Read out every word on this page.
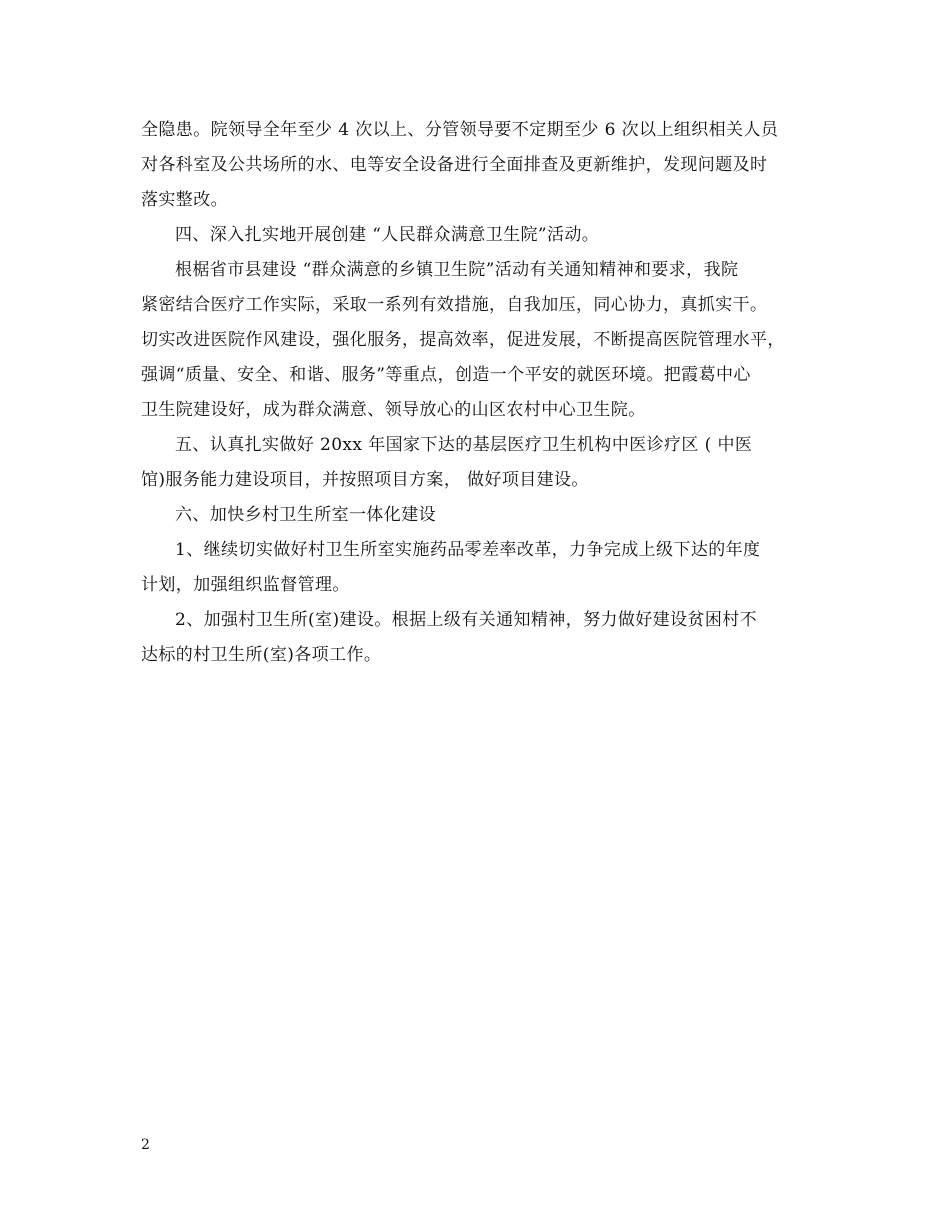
全隐患。院领导全年至少 4 次以上、分管领导要不定期至少 6 次以上组织相关人员
对各科室及公共场所的水、电等安全设备进行全面排查及更新维护，发现问题及时
落实整改。
四、深入扎实地开展创建 “人民群众满意卫生院”活动。
根椐省市县建设 “群众满意的乡镇卫生院”活动有关通知精神和要求，我院
紧密结合医疗工作实际，采取一系列有效措施，自我加压，同心协力，真抓实干。
切实改进医院作风建设，强化服务，提高效率，促进发展，不断提高医院管理水平，
强调“质量、安全、和谐、服务”等重点，创造一个平安的就医环境。把霞葛中心
卫生院建设好，成为群众满意、领导放心的山区农村中心卫生院。
五、认真扎实做好 20xx 年国家下达的基层医疗卫生机构中医诊疗区 ( 中医
馆)服务能力建设项目，并按照项目方案， 做好项目建设。
六、加快乡村卫生所室一体化建设
1、继续切实做好村卫生所室实施药品零差率改革，力争完成上级下达的年度
计划，加强组织监督管理。
2、加强村卫生所(室)建设。根据上级有关通知精神，努力做好建设贫困村不
达标的村卫生所(室)各项工作。

2
